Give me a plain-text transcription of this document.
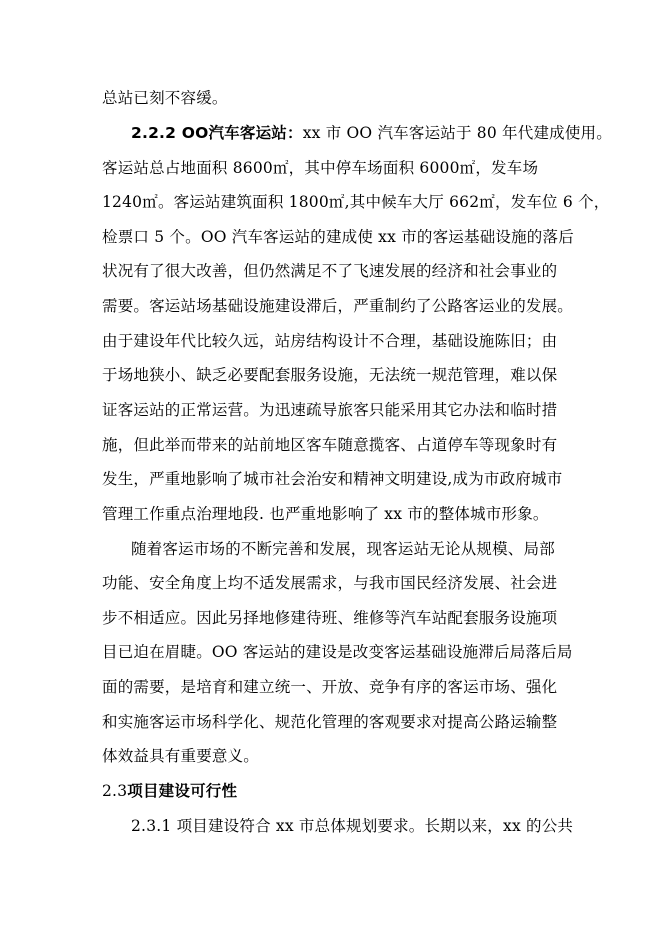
总站已刻不容缓。
2.2.2 OO汽车客运站：xx 市 OO 汽车客运站于 80 年代建成使用。
客运站总占地面积 8600㎡，其中停车场面积 6000㎡，发车场
1240㎡。客运站建筑面积 1800㎡,其中候车大厅 662㎡，发车位 6 个，
检票口 5 个。OO 汽车客运站的建成使 xx 市的客运基础设施的落后
状况有了很大改善，但仍然满足不了飞速发展的经济和社会事业的
需要。客运站场基础设施建设滞后，严重制约了公路客运业的发展。
由于建设年代比较久远，站房结构设计不合理，基础设施陈旧；由
于场地狭小、缺乏必要配套服务设施，无法统一规范管理，难以保
证客运站的正常运营。为迅速疏导旅客只能采用其它办法和临时措
施，但此举而带来的站前地区客车随意揽客、占道停车等现象时有
发生，严重地影响了城市社会治安和精神文明建设,成为市政府城市
管理工作重点治理地段. 也严重地影响了 xx 市的整体城市形象。
随着客运市场的不断完善和发展，现客运站无论从规模、局部
功能、安全角度上均不适发展需求，与我市国民经济发展、社会进
步不相适应。因此另择地修建待班、维修等汽车站配套服务设施项
目已迫在眉睫。OO 客运站的建设是改变客运基础设施滞后局落后局
面的需要，是培育和建立统一、开放、竞争有序的客运市场、强化
和实施客运市场科学化、规范化管理的客观要求对提高公路运输整
体效益具有重要意义。
2.3项目建设可行性
2.3.1 项目建设符合 xx 市总体规划要求。长期以来，xx 的公共
